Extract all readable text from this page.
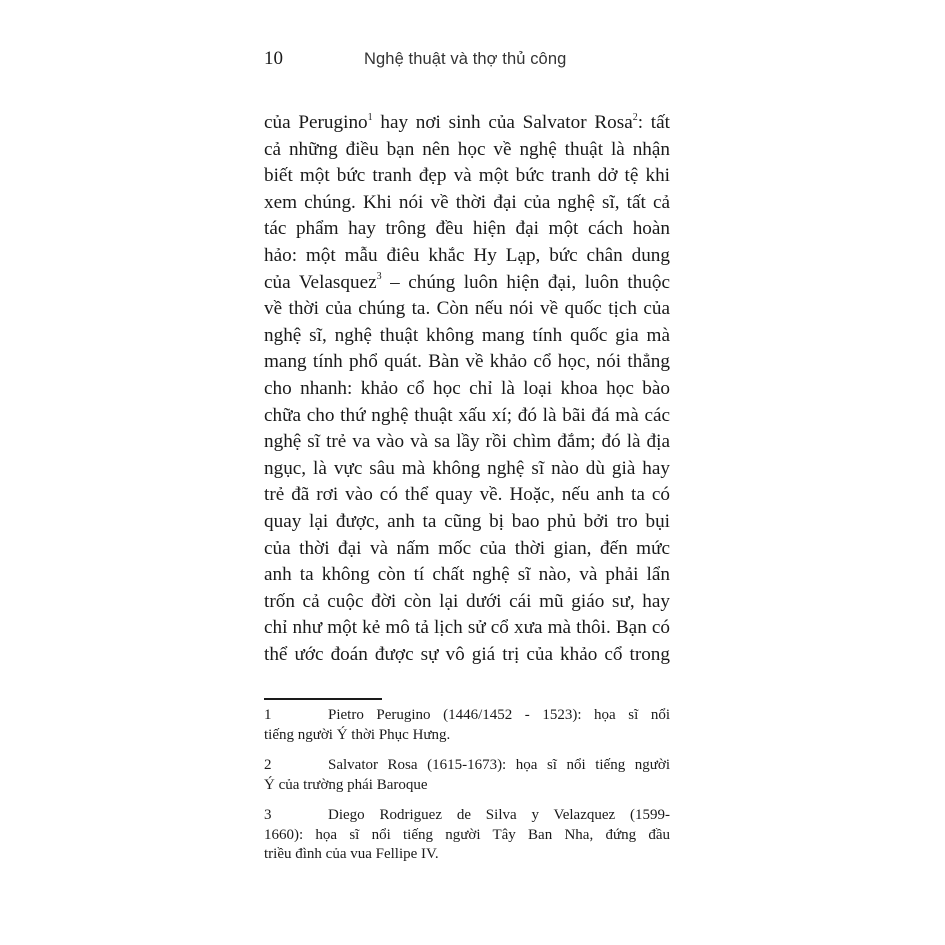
10	Nghệ thuật và thợ thủ công
của Perugino$^1$ hay nơi sinh của Salvator Rosa$^2$: tất
cả những điều bạn nên học về nghệ thuật là nhận
biết một bức tranh đẹp và một bức tranh dở tệ khi
xem chúng. Khi nói về thời đại của nghệ sĩ, tất cả
tác phẩm hay trông đều hiện đại một cách hoàn
hảo: một mẫu điêu khắc Hy Lạp, bức chân dung
của Velasquez$^3$ – chúng luôn hiện đại, luôn thuộc
về thời của chúng ta. Còn nếu nói về quốc tịch của
nghệ sĩ, nghệ thuật không mang tính quốc gia mà
mang tính phổ quát. Bàn về khảo cổ học, nói thẳng
cho nhanh: khảo cổ học chỉ là loại khoa học bào
chữa cho thứ nghệ thuật xấu xí; đó là bãi đá mà các
nghệ sĩ trẻ va vào và sa lầy rồi chìm đắm; đó là địa
ngục, là vực sâu mà không nghệ sĩ nào dù già hay
trẻ đã rơi vào có thể quay về. Hoặc, nếu anh ta có
quay lại được, anh ta cũng bị bao phủ bởi tro bụi
của thời đại và nấm mốc của thời gian, đến mức
anh ta không còn tí chất nghệ sĩ nào, và phải lẩn
trốn cả cuộc đời còn lại dưới cái mũ giáo sư, hay
chỉ như một kẻ mô tả lịch sử cổ xưa mà thôi. Bạn có
thể ước đoán được sự vô giá trị của khảo cổ trong
1	Pietro Perugino (1446/1452 - 1523): họa sĩ nổi
tiếng người Ý thời Phục Hưng.
2	Salvator Rosa (1615-1673): họa sĩ nổi tiếng người
Ý của trường phái Baroque
3	Diego Rodriguez de Silva y Velazquez (1599-
1660): họa sĩ nổi tiếng người Tây Ban Nha, đứng đầu
triều đình của vua Fellipe IV.
